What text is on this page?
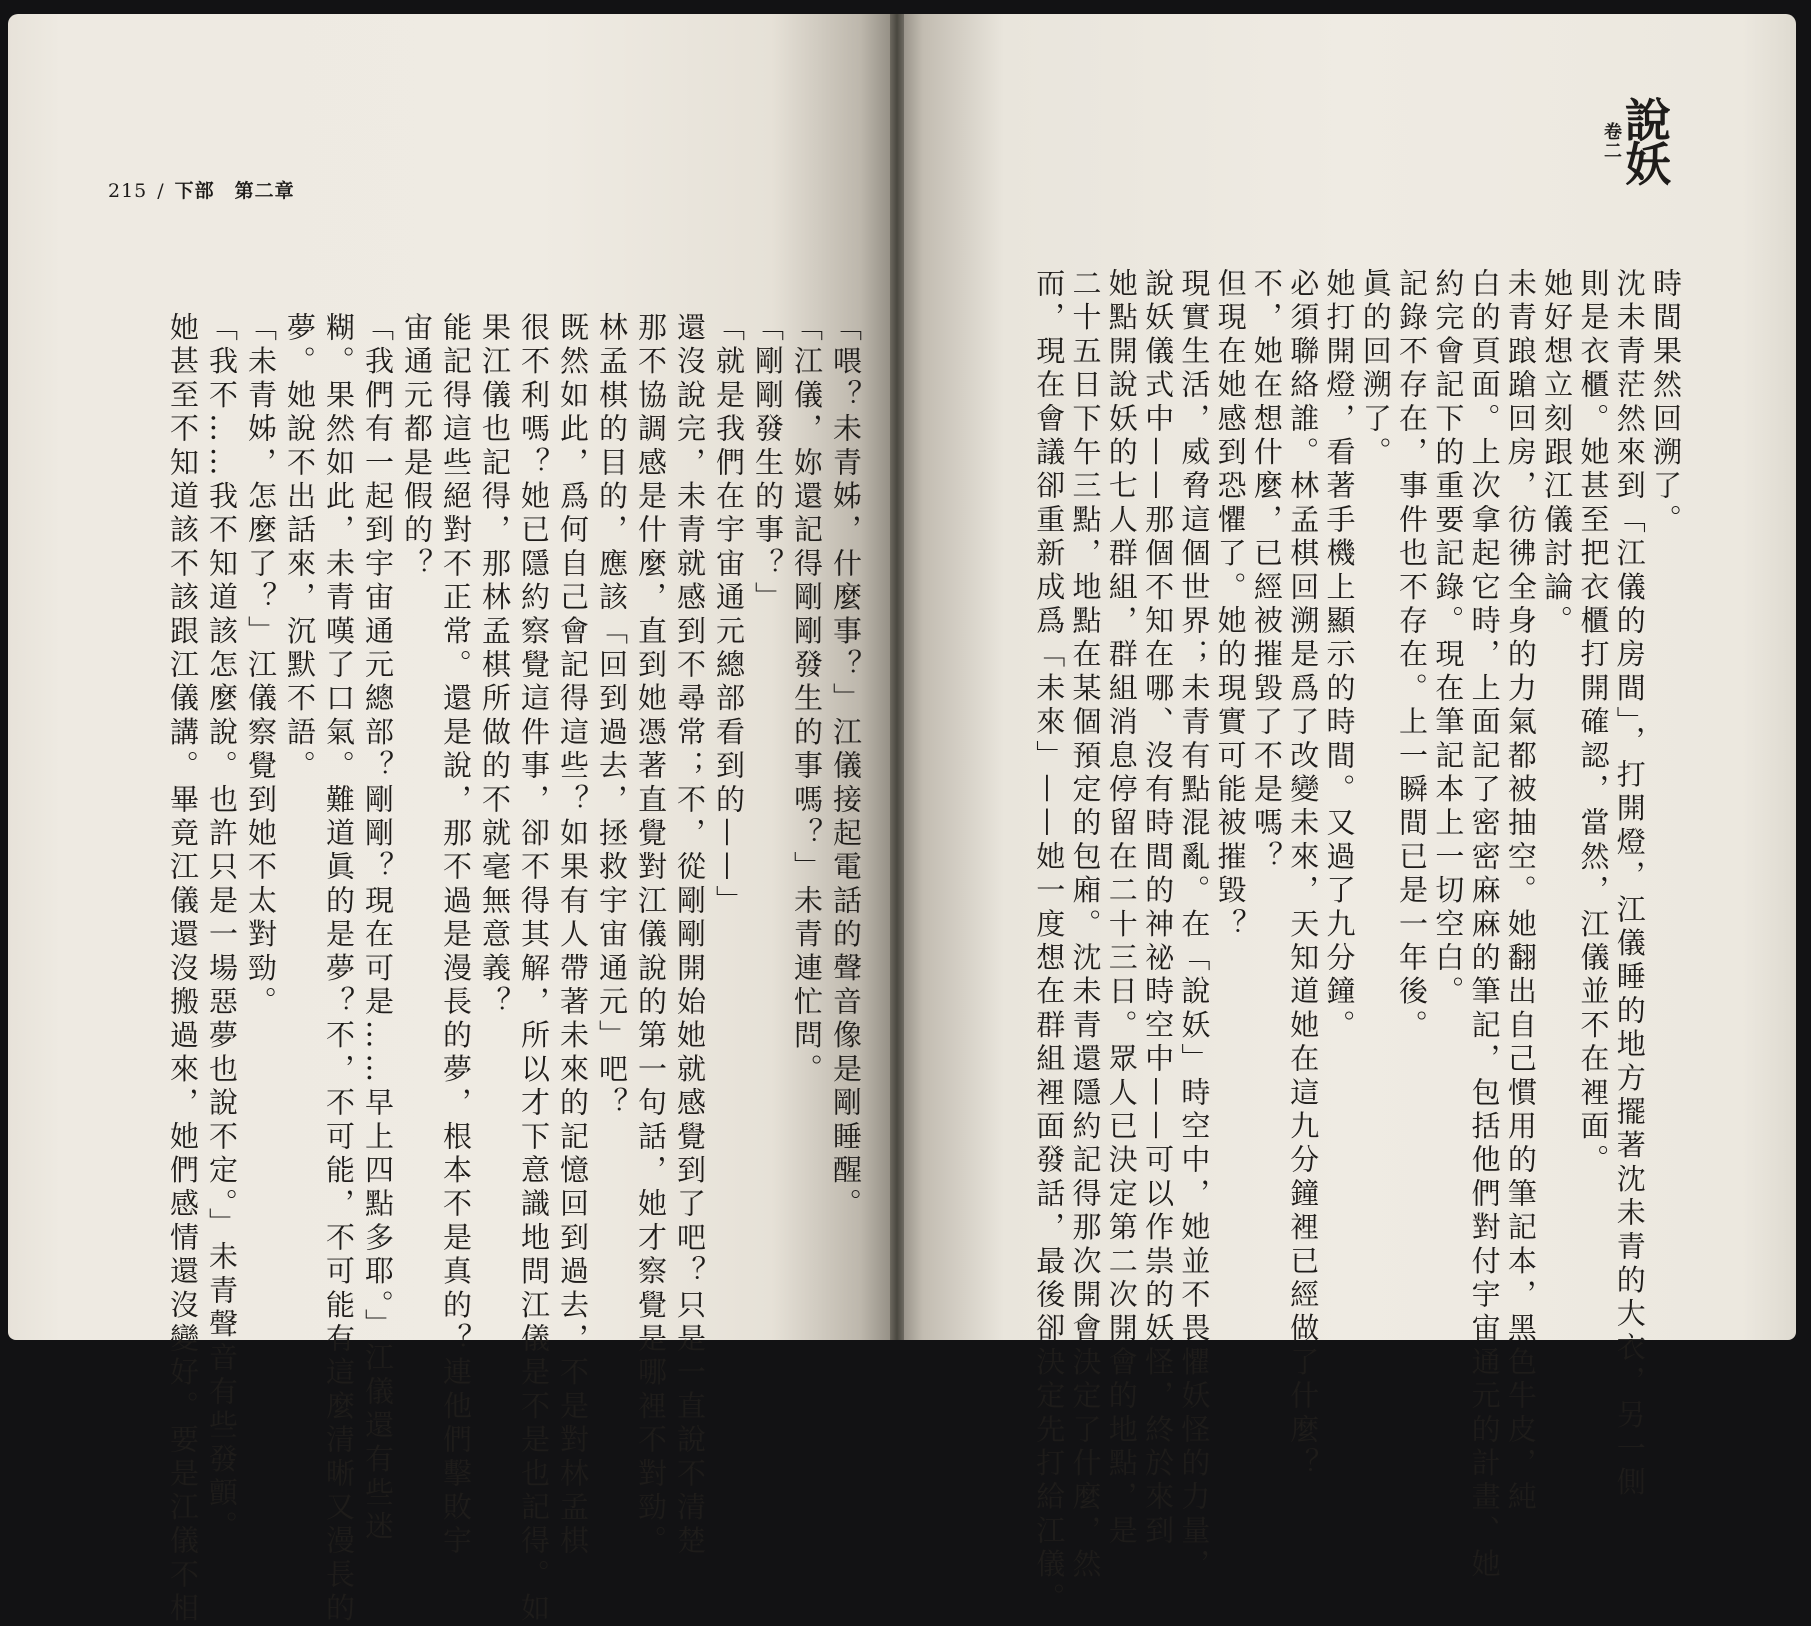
215 / 下部　第二章
「喂？未青姊，什麼事？」江儀接起電話的聲音像是剛睡醒。
「江儀，妳還記得剛剛發生的事嗎？」未青連忙問。
「剛剛發生的事？」
「就是我們在宇宙通元總部看到的——」
還沒說完，未青就感到不尋常；不，從剛剛開始她就感覺到了吧？只是一直說不清楚
那不協調感是什麼，直到她憑著直覺對江儀說的第一句話，她才察覺是哪裡不對勁。
林孟棋的目的，應該「回到過去，拯救宇宙通元」吧？
既然如此，爲何自己會記得這些？如果有人帶著未來的記憶回到過去，不是對林孟棋
很不利嗎？她已隱約察覺這件事，卻不得其解，所以才下意識地問江儀是不是也記得。如
果江儀也記得，那林孟棋所做的不就毫無意義？
能記得這些絕對不正常。還是說，那不過是漫長的夢，根本不是真的？連他們擊敗宇
宙通元都是假的？
「我們有一起到宇宙通元總部？剛剛？現在可是……早上四點多耶。」江儀還有些迷
糊。果然如此，未青嘆了口氣。難道眞的是夢？不，不可能，不可能有這麼清晰又漫長的
夢。她說不出話來，沉默不語。
「未青姊，怎麼了？」江儀察覺到她不太對勁。
「我不……我不知道該怎麼說。也許只是一場惡夢也說不定。」未青聲音有些發顫。
她甚至不知道該不該跟江儀講。畢竟江儀還沒搬過來，她們感情還沒變好。要是江儀不相
說妖
卷二
時間果然回溯了。
沈未青茫然來到「江儀的房間」，打開燈，江儀睡的地方擺著沈未青的大衣，另一側
則是衣櫃。她甚至把衣櫃打開確認，當然，江儀並不在裡面。
她好想立刻跟江儀討論。
未青踉蹌回房，彷彿全身的力氣都被抽空。她翻出自己慣用的筆記本，黑色牛皮，純
白的頁面。上次拿起它時，上面記了密密麻麻的筆記，包括他們對付宇宙通元的計畫、她
約完會記下的重要記錄。現在筆記本上一切空白。
記錄不存在，事件也不存在。上一瞬間已是一年後。
眞的回溯了。
她打開燈，看著手機上顯示的時間。又過了九分鐘。
必須聯絡誰。林孟棋回溯是爲了改變未來，天知道她在這九分鐘裡已經做了什麼？
不，她在想什麼，已經被摧毀了不是嗎？
但現在她感到恐懼了。她的現實可能被摧毀？
現實生活，威脅這個世界；未青有點混亂。在「說妖」時空中，她並不畏懼妖怪的力量，
說妖儀式中——那個不知在哪、沒有時間的神祕時空中——可以作祟的妖怪，終於來到
她點開說妖的七人群組，群組消息停留在二十三日。眾人已決定第二次開會的地點，是
二十五日下午三點，地點在某個預定的包廂。沈未青還隱約記得那次開會決定了什麼，然
而，現在會議卻重新成爲「未來」——她一度想在群組裡面發話，最後卻決定先打給江儀。
